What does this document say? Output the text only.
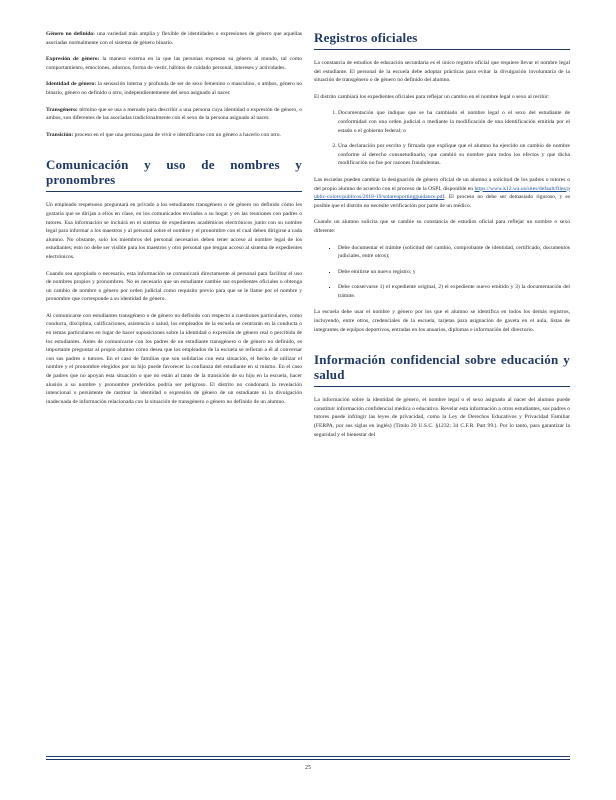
Género no definido: una variedad más amplia y flexible de identidades o expresiones de género que aquellas asociadas normalmente con el sistema de género binario.

Expresión de género: la manera externa en la que las personas expresan su género al mundo, tal como comportamiento, emociones, adornos, forma de vestir, hábitos de cuidado personal, intereses y actividades.

Identidad de género: la sensación interna y profunda de ser de sexo femenino o masculino, o ambos, género no binario, género no definido u otro, independientemente del sexo asignado al nacer.

Transgénero: término que se usa a menudo para describir a una persona cuya identidad o expresión de género, o ambos, son diferentes de las asociadas tradicionalmente con el sexo de la persona asignado al nacer.

Transición: proceso en el que una persona pasa de vivir e identificarse con un género a hacerlo con otro.

Comunicación y uso de nombres y pronombres

Un empleado respetuoso preguntará en privado a los estudiantes transgénero o de género no definido cómo les gustaría que se dirijan a ellos en clase, en los comunicados enviados a su hogar y en las reuniones con padres o tutores. Esa información se incluirá en el sistema de expedientes académicos electrónicos junto con su nombre legal para informar a los maestros y al personal sobre el nombre y el pronombre con el cual deben dirigirse a cada alumno. No obstante, solo los miembros del personal necesarios deben tener acceso al nombre legal de los estudiantes; esto no debe ser visible para los maestros y otro personal que tengan acceso al sistema de expedientes electrónicos.

Cuando sea apropiado o necesario, esta información se comunicará directamente al personal para facilitar el uso de nombres propios y pronombres. No es necesario que un estudiante cambie sus expedientes oficiales u obtenga un cambio de nombre o género por orden judicial como requisito previo para que se le llame por el nombre y pronombre que corresponde a su identidad de género.

Al comunicarse con estudiantes transgénero o de género no definido con respecto a cuestiones particulares, como conducta, disciplina, calificaciones, asistencia o salud, los empleados de la escuela se centrarán en la conducta o en temas particulares en lugar de hacer suposiciones sobre la identidad o expresión de género real o percibida de los estudiantes. Antes de comunicarse con los padres de un estudiante transgénero o de género no definido, es importante preguntar al propio alumno cómo desea que los empleados de la escuela se refieran a él al conversar con sus padres o tutores. En el caso de familias que son solidarias con esta situación, el hecho de utilizar el nombre y el pronombre elegidos por su hijo puede favorecer la confianza del estudiante en sí mismo. En el caso de padres que no apoyan esta situación o que no están al tanto de la transición de su hijo en la escuela, hacer alusión a su nombre y pronombre preferidos podría ser peligroso. El distrito no condonará la revelación intencional o persistente de rastrear la identidad o expresión de género de un estudiante ni la divulgación inadecuada de información relacionada con la situación de transgénero o género no definido de un alumno.

Registros oficiales

La constancia de estudios de educación secundaria es el único registro oficial que requiere llevar el nombre legal del estudiante. El personal de la escuela debe adoptar prácticas para evitar la divulgación involuntaria de la situación de transgénero o de género no definido del alumno.

El distrito cambiará los expedientes oficiales para reflejar un cambio en el nombre legal o sexo al recibir:

1. Documentación que indique que se ha cambiado el nombre legal o el sexo del estudiante de conformidad con una orden judicial o mediante la modificación de una identificación emitida por el estado o el gobierno federal; o
2. Una declaración por escrito y firmada que explique que el alumno ha ejercido un cambio de nombre conforme al derecho consuetudinario, que cambió su nombre para todos los efectos y que dicha modificación no fue por razones fraudulentas.

Las escuelas pueden cambiar la designación de género oficial de un alumno a solicitud de los padres o tutores o del propio alumno de acuerdo con el proceso de la OSPI, disponible en https://www.k12.wa.us/sites/default/files/public-colors/publicos/2018-19/solarenportingguidance.pdf. El proceso no debe ser demasiado riguroso, y es posible que el distrito no necesite verificación por parte de un médico.

Cuando un alumno solicita que se cambie su constancia de estudios oficial para reflejar un nombre o sexo diferente:

▪ Debe documentar el trámite (solicitud del cambio, comprobante de identidad, certificado, documentos judiciales, entre otros);
▪ Debe emitirse un nuevo registro; y
▪ Debe conservarse 1) el expediente original, 2) el expediente nuevo emitido y 3) la documentación del trámite.

La escuela debe usar el nombre y género por los que el alumno se identifica en todos los demás registros, incluyendo, entre otros, credenciales de la escuela, tarjetas para asignación de gaveta en el aula, listas de integrantes de equipos deportivos, entradas en los anuarios, diplomas e información del directorio.

Información confidencial sobre educación y salud

La información sobre la identidad de género, el nombre legal o el sexo asignado al nacer del alumno puede constituir información confidencial médica o educativa. Revelar esta información a otros estudiantes, sus padres o tutores puede infringir las leyes de privacidad, como la Ley de Derechos Educativos y Privacidad Familiar (FERPA, por sus siglas en inglés) (Título 20 U.S.C. §1232; 34 C.F.R. Part 99.). Por lo tanto, para garantizar la seguridad y el bienestar del

25
